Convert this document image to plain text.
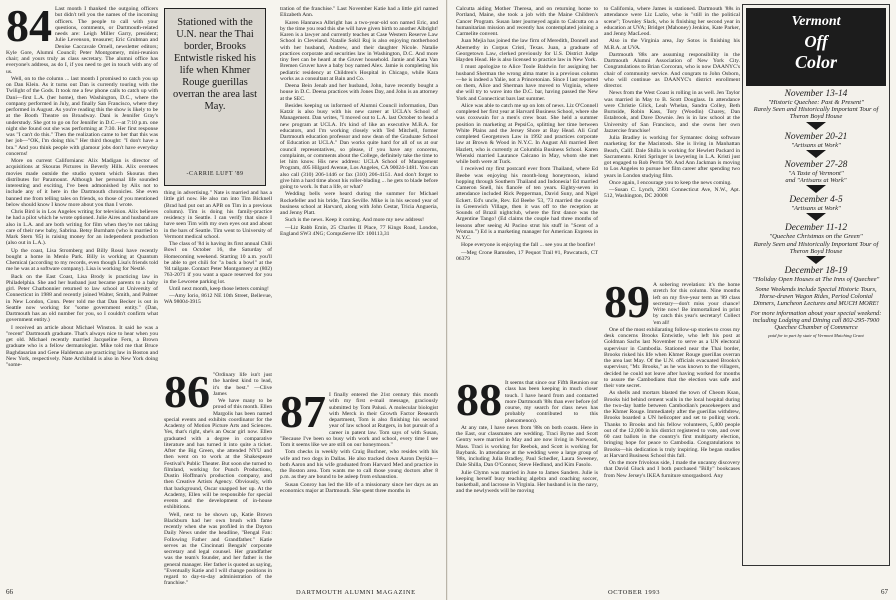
84 Last month I thanked the outgoing officers but didn't tell you the names of the incoming officers. The people to call with your questions, comments, or Dartmouth-related needs are: Leigh Miller Garry, president; Julie Levenson, treasurer; Eric Grubman and Denise Caccavale Ornell, newsletter editors; Kyle Gore, Alumni Council; Peter Montgomery, mini-reunion chair; and yours truly as class secretary. The alumni office has everyone's address, as do I, if you need to get in touch with any of us.

Well, on to the column ... last month I promised to catch you up on Dan Klein. As it turns out Dan is currently touring with the Twilight of the Gods. It took me a few phone calls to catch up with Dani—first L.A. (her home), then Washington, D.C., where the company performed in July, and finally San Francisco, where they performed in August. As you're reading this the show is likely to be at the Booth Theatre on Broadway. Dani is Jennifer Gray's understudy. She got to go on for Jennifer in D.C.—at 7:10 p.m. one night she found out she was performing at 7:30. Her first response was "I can't do this." Then the realization came to her that this was her job—"OK, I'm doing this." Her third thought: "I don't have a bra." And you think people with glamour jobs don't have everyday concerns!

More on current Californians: Alix Madigan is director of acquisitions at Skouras Pictures in Beverly Hills. Alix oversees movies made outside the studio system which Skouras then distributes for Paramount. Although her personal life sounded interesting and exciting, I've been admonished by Alix not to include any of it here in the Dartmouth chronicles. She even banned me from telling tales on friends, so those of you mentioned below should know I know more about you than I wrote.

Chris Bird is in Los Angeles writing for television. Alix believes he had a pilot which he wrote optioned. Julie Aires and husband are also in L.A. and are both writing for film when they're not taking care of their new baby, Sabrina. Betsy Burnham (who is married to Mark Stern '85) is raising money for an independent production (also out in L.A.).

Up the coast, Lisa Stromberg and Billy Rossi have recently bought a home in Menlo Park. Billy is working at Quantum Chemical (according to my records, even though Lisa's friends told me he was at a software company). Lisa is working for Nestlé.

Back on the East Coast, Lisa Brody is practicing law in Philadelphia. She and her husband just became parents to a baby girl. Peter Charbonnier returned to law school at University of Connecticut in 1988 and recently joined Walter, Smith, and Palmer in New London, Conn. Peter told me that Dan Becker is out in Seattle now working for "some government entity." (Dan, Dartmouth has an old number for you, so I couldn't confirm what government entity.)

I received an article about Michael Winston. It said he was a "recent" Dartmouth graduate. That's always nice to hear when you get old. Michael recently married Jacqueline Fern, a Brown graduate who is a fellow dermatologist. Mike told me that Bruce Baghdasarian and Gene Haldeman are practicing law in Boston and New York, respectively. Nate Archibald is also in New York doing "some-

Stationed with the U.N. near the Thai border, Brooks Entwistle risked his life when Khmer Rouge guerillas overran the area last May.
-CARRIE LUFT '89

thing in advertising." Nate is married and has a little girl now. He also ran into Tim Bicknell (Brad had put out an APB on Tim in a previous column). Tim is doing his family-practice residency in Seattle. I can verify that since I have seen Tim with my own eyes out and about in the bars of Seattle. Tim went to University of Vermont medical school.

The class of '84 is having its first annual Chili Bowl on October 16, the Saturday of Homecoming weekend. Starting 10 a.m. you'll be able to get chili for "a buck a bowl" at the '84 tailgate. Contact Peter Montgomery at (802) 763-2071 if you want a space reserved for you in the Lewcene parking lot.

Until next month, keep those letters coming!

—Amy Iorio, 8612 NE 10th Street, Bellevue, WA 98004-3915

86 "Ordinary life isn't just the hardest kind to lead, it's the best." —Clive James

We have many to be proud of this month. Ellen Margolis has been named special events and exhibits coordinator for the Academy of Motion Picture Arts and Sciences. Yes, that's right, she's an Oscar girl now. Ellen graduated with a degree in comparative literature and has turned it into quite a ticket. After the Big Green, she attended NYU and then went on to work at the Shakespeare Festival's Public Theater. But soon she turned to filmland, working for Punch Productions, Dustin Hoffman's production company, and then Creative Artists Agency. Obviously, with that background, Oscar snapped her up. At the Academy, Ellen will be responsible for special events and the development of in-house exhibitions.

Well, next to be shown up, Katie Brown Blackburn had her own brush with fame recently when she was profiled in the Dayton Daily News under the headline, "Bengal Fan: Following Father and Grandfather." Katie serves as the Cincinnati Bengals' corporate secretary and legal counsel. Her grandfather was the team's founder, and her father is the general manager. Her father is quoted as saying, "Eventually Katie and I will change positions in regard to day-to-day administration of the franchise."

tration of the franchise." Last November Katie had a little girl named Elizabeth Ann.

Karen Hannawa Albright has a two-year-old son named Eric, and by the time you read this she will have given birth to another Albright! Karen is a lawyer and currently teaches at Case Western Reserve Law School in Cleveland. Natalie Sokil Ruj is also enjoying motherhood with her husband, Andrew, and their daughter Nicole. Natalie practices corporate and securities law in Washington, D.C. And more tiny feet can be heard at the Gruver household. Jamie and Kara Van Bremen Gruver have a baby boy named Alex. Jamie is completing his pediatric residency at Children's Hospital in Chicago, while Kara works as a consultant at Bain and Co.

Deena Bein Jenab and her husband, John, have recently bought a house in D.C. Deena practices with Jones Day, and John is an attorney at the SEC.

Besides keeping us informed of Alumni Council information, Dan Katzir is also busy with his new career at UCLA's School of Management. Dan writes, "I moved out to L.A. last October to head a new program at UCLA. It's kind of like an executive M.B.A. for educators, and I'm working closely with Ted Mitchell, former Dartmouth education professor and now dean of the Graduate School of Education at UCLA." Dan works quite hard for all of us at our council representatives, so please, if you have any concerns, complaints, or comments about the College, definitely take the time to let him know. His new address: UCLA School of Management Program, 405 Hilgard Avenue, Los Angeles, CA 90024-1481. You can also call (310) 206-1446 or fax (310) 206-4151. And don't forget to give him a hard time about his roller-blading ... he gets to blade before going to work. Is that a life, or what?

Wedding bells were heard during the summer for Michael Rockefeller and his bride, Tara Seville. Mike is in his second year of business school at Harvard, along with John Cestar, Tricia Angueria, and Jenny Platt.

Such is the news. Keep it coming. And more my new address!

—Liz Rabb Emin, 25 Charles II Place, 77 Kings Road, London, England SW3 4NG; CompuServe ID: 100113,31

87 I finally entered the 21st century this month with my first e-mail message, graciously submitted by Tom Palusi. A molecular biologist with Merck in their Growth Factor Research department, Tom is also finishing his second year of law school at Rutgers, in hot pursuit of a career in patent law. Tom says of with Susan, "Because I've been so busy with work and school, every time I see Tom it seems like we are still on our honeymoon."

Tom checks in weekly with Craig Buchner, who resides with his wife and two dogs in Dallas. He also tracked down Aaron Deykin—both Aaron and his wife graduated from Harvard Med and practice in the Boston area. Tom wants me to call those young doctors after 8 p.m. as they are bound to be asleep from exhaustion.

Susan Conroy has led the life of a missionary since her days as an economics major at Dartmouth. She spent three months in

66	DARTMOUTH ALUMNI MAGAZINE

Calcutta aiding Mother Theresa, and on returning home to Portland, Maine, she took a job with the Maine Children's Cancer Program. Susan later journeyed again to Calcutta on a humanitarian mission and recently has contemplated joining a Carmelite convent.

Juan Mejia has joined the law firm of Meredith, Donnell and Abernethy in Corpus Cristi, Texas. Juan, a graduate of Georgetown Law, clerked previously for U.S. District Judge Hayden Head. He is also licensed to practice law in New York.

I must apologize to Alice Toole Baldwin for assigning her husband Sherman the wrong alma mater in a previous column—he is indeed a Yalie, not a Princetonian. Since I last reported on them, Alice and Sherman have moved to Virginia, where she will try to wave into the D.C. bar, having passed the New York and Connecticut bars last summer.

Alice was able to catch me up on lots of news. Liz O'Connell completed her first year at Harvard Business School, where she was coxswain for a men's crew boat. She held a summer position in marketing at PepsiCo, splitting her time between White Plains and the Jersey Shore at Bay Head. Ali Graf completed Georgetown Law in 1992 and practices corporate law at Brown & Wood in N.Y.C. In August Ali married Bert Hazlett, who is currently at Columbia Business School. Karen Wienski married Laurance Calcano in May, whom she met while both were at Tuck.

I received my first postcard ever from Thailand, where Ed Beebe was enjoying his month-long honeymoon, island hopping through Southern Thailand and Indonesia! Ed married Cameron Snell, his fiancée of ten years. Eighty-seven in attendance included Rick Pepperman, David Suny, and Nigel Eckert. Ed's uncle, Rev. Ed Beebe '53, '73 married the couple in Greenwich Village, then it was off to the reception at Sounds of Brazil nightclub, where the first dance was the Argentine Tango! (Ed claims the couple had three months of lessons after seeing Al Pacino strut his stuff in "Scent of a Woman.") Ed is a marketing manager for American Express in N.Y.C.

Hope everyone is enjoying the fall ... see you at the bonfire!

—Meg Crone Ramsden, 17 Pequot Trail #1, Pawcatuck, CT 06379

88 It seems that since our Fifth Reunion our class has been keeping in much closer touch. I have heard from and contacted more Dartmouth '88s than ever before (of course, my search for class news has probably contributed to this phenomenon).

At any rate, I have news from '88s on both coasts. Here in the East, our classmates are wedding. Traci Byrne and Scott Gentry were married in May and are now living in Norwood, Mass. Traci is working for Reebok, and Scott is working for Baybank. In attendance at the wedding were a large group of '88s, including Julia Bradley, Paul Schedler, Laura Sweeney, Dale Shilla, Dan O'Connor, Steve Hedlund, and Kim Fasolo.

Julie Clymn was married in June to James Sanders. Julie is keeping herself busy teaching algebra and coaching soccer, basketball, and lacrosse in Virginia. Her husband is in the navy, and the newlyweds will be moving

to California, where James is stationed. Dartmouth '88s in attendance were Liz Lazlo, who is "still in the political scene"; Townley Slack, who is finishing her second year in education at UVA; Bridget (Mahoney) Jenkins, Kate Parker, and Jenny MacLeod.

Also in the Virginia area, Jay Sotos is finishing his M.B.A. at UVA.

Dartmouth '88s are assuming responsibility in the Dartmouth Alumni Association of New York City. Congratulations to Brian Corcoran, who is now DAANYC's chair of community service. And congrats to John Osborn, who will continue as DAANYC's district enrollment director.

News from the West Coast is rolling in as well. Jen Taylor was married in May to B. Scott Douglass. In attendance were Christie Glick, Leah Whelan, Sandra Colley, Beth Burnside, Robin Kass, Tory (Woodin) Charey, Dan Estabrook, and Dave Downie. Jen is in law school at the University of San Francisco, and she owns her own Jazzercise franchise!

Julia Bradley is working for Symantec doing software marketing for the Macintosh. She is living in Manhattan Beach, Calif. Dale Shilla is working for Hewlett Packard in Sacramento. Kristi Springer is lawyering in L.A. Kristi just got engaged to Rob Perrin '90. And Ann Jackman is moving to Los Angeles to pursue her film career after spending two years in London studying film.

Once again, I encourage you to keep the news coming.

—Susan C. Lynch, 2901 Connecticut Ave, N.W., Apt. 512, Washington, DC 20008

89 A sobering revelation: it's the home stretch for this column. Nine months left on my five-year term as '89 class secretary—don't miss your chance! Write now! Be immortalized in print by catch this year's secretary! Collect 'em all!

One of the most exhilarating follow-up stories to cross my desk concerns Brooks Entwistle, who left his post at Goldman Sachs last November to serve as a UN electoral supervisor in Cambodia. Stationed near the Thai border, Brooks risked his life when Khmer Rouge guerillas overran the area last May. Of the U.N. officials evacuated Brooks's supervisor, "Mr. Brooks," as he was known to the villagers, decided he could not leave after having worked for months to assure the Cambodians that the election was safe and their vote secret.

As shells and mortars blasted the town of Cheom Ksan, Brooks hid behind cement walls in the local hospital during the two-day battle between Cambodian's peacekeepers and the Khmer Rouge. Immediately after the guerillas withdrew, Brooks boarded a UN helicopter and set to polling work. Thanks to Brooks and his fellow volunteers, 5,400 people out of the 12,000 in his district registered to vote, and over 60 cast ballots in the country's first multiparty election, bringing hope for peace to Cambodia. Congratulations to Brooks—his dedication is truly inspiring. He began studies at Harvard Business School this fall.

On the more frivolous side, I made the uncanny discovery that David Gluck and I both purchased "Billy" bookcases from New Jersey's IKEA furniture smorgasbord. Any

67
OCTOBER 1993
Vermont
Off
Color
November 13-14
"Historic Quechee: Past & Present"
Rarely Seen and Historically Important Tour of Theron Boyd House
November 20-21
"Artisans at Work"
November 27-28
"A Taste of Vermont"
and "Artisans at Work"
December 4-5
"Artisans at Work"
December 11-12
"Quechee Christmas on the Green"
Rarely Seen and Historically Important Tour of Theron Boyd House
December 18-19
"Holiday Open Houses at The Inns of Quechee"
Some Weekends include Special Historic Tours, Horse-drawn Wagon Rides, Period Colonial Dinners, Luncheon Lectures and MUCH MORE!
For more information about your special weekend: including Lodging and Dining call 802-295-7900 Quechee Chamber of Commerce
paid for in part by state of Vermont Matching Grant
